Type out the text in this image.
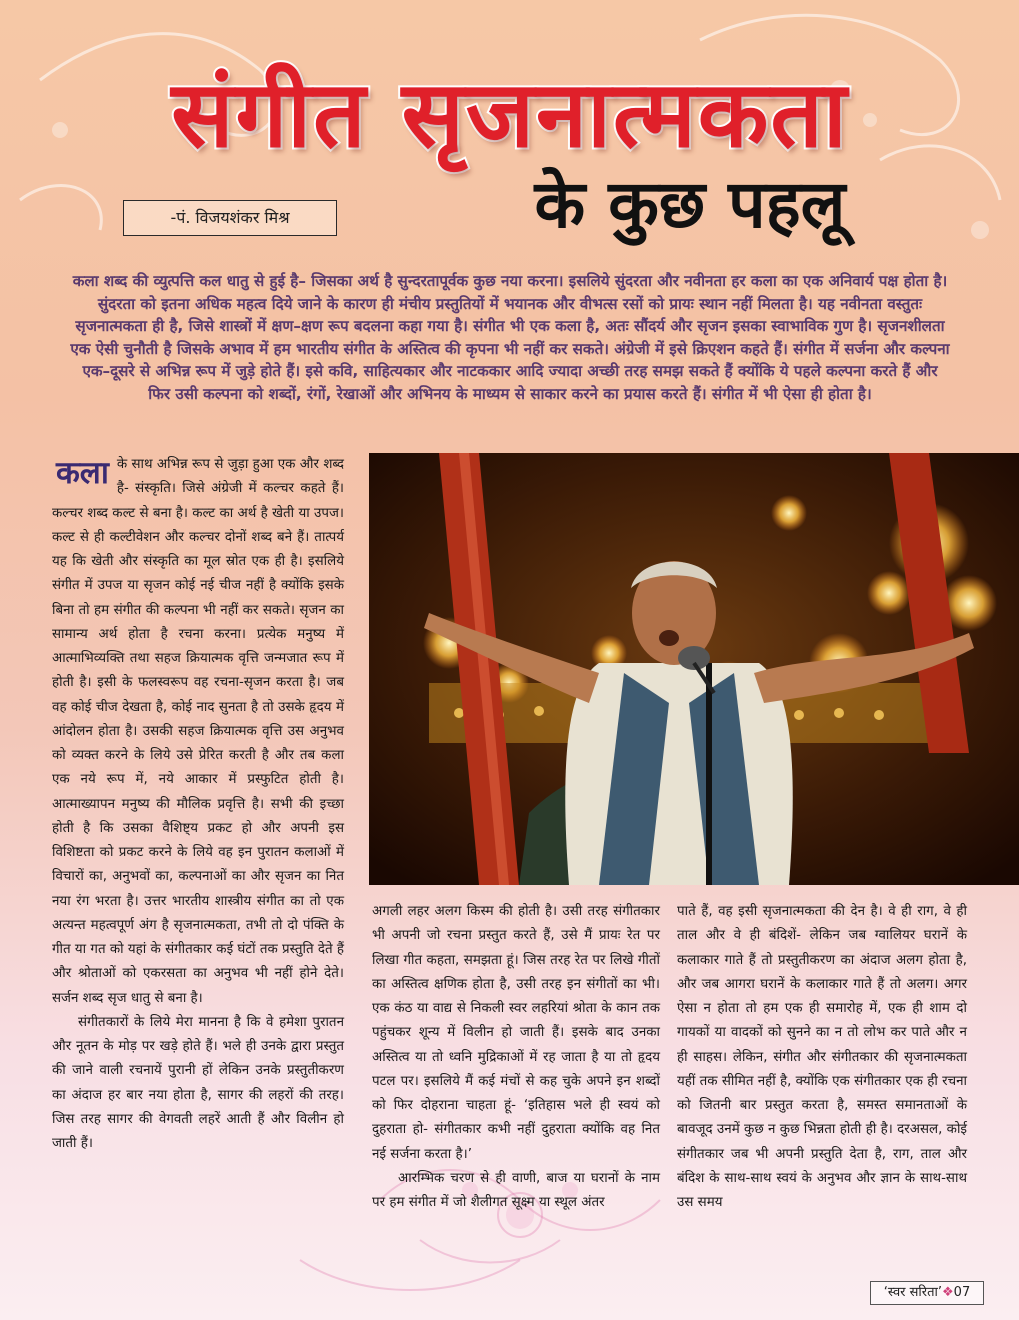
संगीत सृजनात्मकता
के कुछ पहलू
-पं. विजयशंकर मिश्र

कला शब्द की व्युत्पत्ति कल धातु से हुई है– जिसका अर्थ है सुन्दरतापूर्वक कुछ नया करना। इसलिये सुंदरता और नवीनता हर कला का एक अनिवार्य पक्ष होता है। सुंदरता को इतना अधिक महत्व दिये जाने के कारण ही मंचीय प्रस्तुतियों में भयानक और वीभत्स रसों को प्रायः स्थान नहीं मिलता है। यह नवीनता वस्तुतः सृजनात्मकता ही है, जिसे शास्त्रों में क्षण–क्षण रूप बदलना कहा गया है। संगीत भी एक कला है, अतः सौंदर्य और सृजन इसका स्वाभाविक गुण है। सृजनशीलता एक ऐसी चुनौती है जिसके अभाव में हम भारतीय संगीत के अस्तित्व की कृपना भी नहीं कर सकते। अंग्रेजी में इसे क्रिएशन कहते हैं। संगीत में सर्जना और कल्पना एक–दूसरे से अभिन्न रूप में जुड़े होते हैं। इसे कवि, साहित्यकार और नाटककार आदि ज्यादा अच्छी तरह समझ सकते हैं क्योंकि ये पहले कल्पना करते हैं और फिर उसी कल्पना को शब्दों, रंगों, रेखाओं और अभिनय के माध्यम से साकार करने का प्रयास करते हैं। संगीत में भी ऐसा ही होता है।

कला के साथ अभिन्न रूप से जुड़ा हुआ एक और शब्द है- संस्कृति। जिसे अंग्रेजी में कल्चर कहते हैं। कल्चर शब्द कल्ट से बना है। कल्ट का अर्थ है खेती या उपज। कल्ट से ही कल्टीवेशन और कल्चर दोनों शब्द बने हैं। तात्पर्य यह कि खेती और संस्कृति का मूल स्रोत एक ही है। इसलिये संगीत में उपज या सृजन कोई नई चीज नहीं है क्योंकि इसके बिना तो हम संगीत की कल्पना भी नहीं कर सकते। सृजन का सामान्य अर्थ होता है रचना करना। प्रत्येक मनुष्य में आत्माभिव्यक्ति तथा सहज क्रियात्मक वृत्ति जन्मजात रूप में होती है। इसी के फलस्वरूप वह रचना-सृजन करता है। जब वह कोई चीज देखता है, कोई नाद सुनता है तो उसके हृदय में आंदोलन होता है। उसकी सहज क्रियात्मक वृत्ति उस अनुभव को व्यक्त करने के लिये उसे प्रेरित करती है और तब कला एक नये रूप में, नये आकार में प्रस्फुटित होती है। आत्माख्यापन मनुष्य की मौलिक प्रवृत्ति है। सभी की इच्छा होती है कि उसका वैशिष्ट्य प्रकट हो और अपनी इस विशिष्टता को प्रकट करने के लिये वह इन पुरातन कलाओं में विचारों का, अनुभवों का, कल्पनाओं का और सृजन का नित नया रंग भरता है। उत्तर भारतीय शास्त्रीय संगीत का तो एक अत्यन्त महत्वपूर्ण अंग है सृजनात्मकता, तभी तो दो पंक्ति के गीत या गत को यहां के संगीतकार कई घंटों तक प्रस्तुति देते हैं और श्रोताओं को एकरसता का अनुभव भी नहीं होने देते। सर्जन शब्द सृज धातु से बना है।

संगीतकारों के लिये मेरा मानना है कि वे हमेशा पुरातन और नूतन के मोड़ पर खड़े होते हैं। भले ही उनके द्वारा प्रस्तुत की जाने वाली रचनायें पुरानी हों लेकिन उनके प्रस्तुतीकरण का अंदाज हर बार नया होता है, सागर की लहरों की तरह। जिस तरह सागर की वेगवती लहरें आती हैं और विलीन हो जाती हैं।

अगली लहर अलग किस्म की होती है। उसी तरह संगीतकार भी अपनी जो रचना प्रस्तुत करते हैं, उसे मैं प्रायः रेत पर लिखा गीत कहता, समझता हूं। जिस तरह रेत पर लिखे गीतों का अस्तित्व क्षणिक होता है, उसी तरह इन संगीतों का भी। एक कंठ या वाद्य से निकली स्वर लहरियां श्रोता के कान तक पहुंचकर शून्य में विलीन हो जाती हैं। इसके बाद उनका अस्तित्व या तो ध्वनि मुद्रिकाओं में रह जाता है या तो हृदय पटल पर। इसलिये मैं कई मंचों से कह चुके अपने इन शब्दों को फिर दोहराना चाहता हूं- ‘इतिहास भले ही स्वयं को दुहराता हो- संगीतकार कभी नहीं दुहराता क्योंकि वह नित नई सर्जना करता है।’

आरम्भिक चरण से ही वाणी, बाज या घरानों के नाम पर हम संगीत में जो शैलीगत सूक्ष्म या स्थूल अंतर

पाते हैं, वह इसी सृजनात्मकता की देन है। वे ही राग, वे ही ताल और वे ही बंदिशें- लेकिन जब ग्वालियर घरानें के कलाकार गाते हैं तो प्रस्तुतीकरण का अंदाज अलग होता है, और जब आगरा घरानें के कलाकार गाते हैं तो अलग। अगर ऐसा न होता तो हम एक ही समारोह में, एक ही शाम दो गायकों या वादकों को सुनने का न तो लोभ कर पाते और न ही साहस। लेकिन, संगीत और संगीतकार की सृजनात्मकता यहीं तक सीमित नहीं है, क्योंकि एक संगीतकार एक ही रचना को जितनी बार प्रस्तुत करता है, समस्त समानताओं के बावजूद उनमें कुछ न कुछ भिन्नता होती ही है। दरअसल, कोई संगीतकार जब भी अपनी प्रस्तुति देता है, राग, ताल और बंदिश के साथ-साथ स्वयं के अनुभव और ज्ञान के साथ-साथ उस समय

‘स्वर सरिता’❖07
